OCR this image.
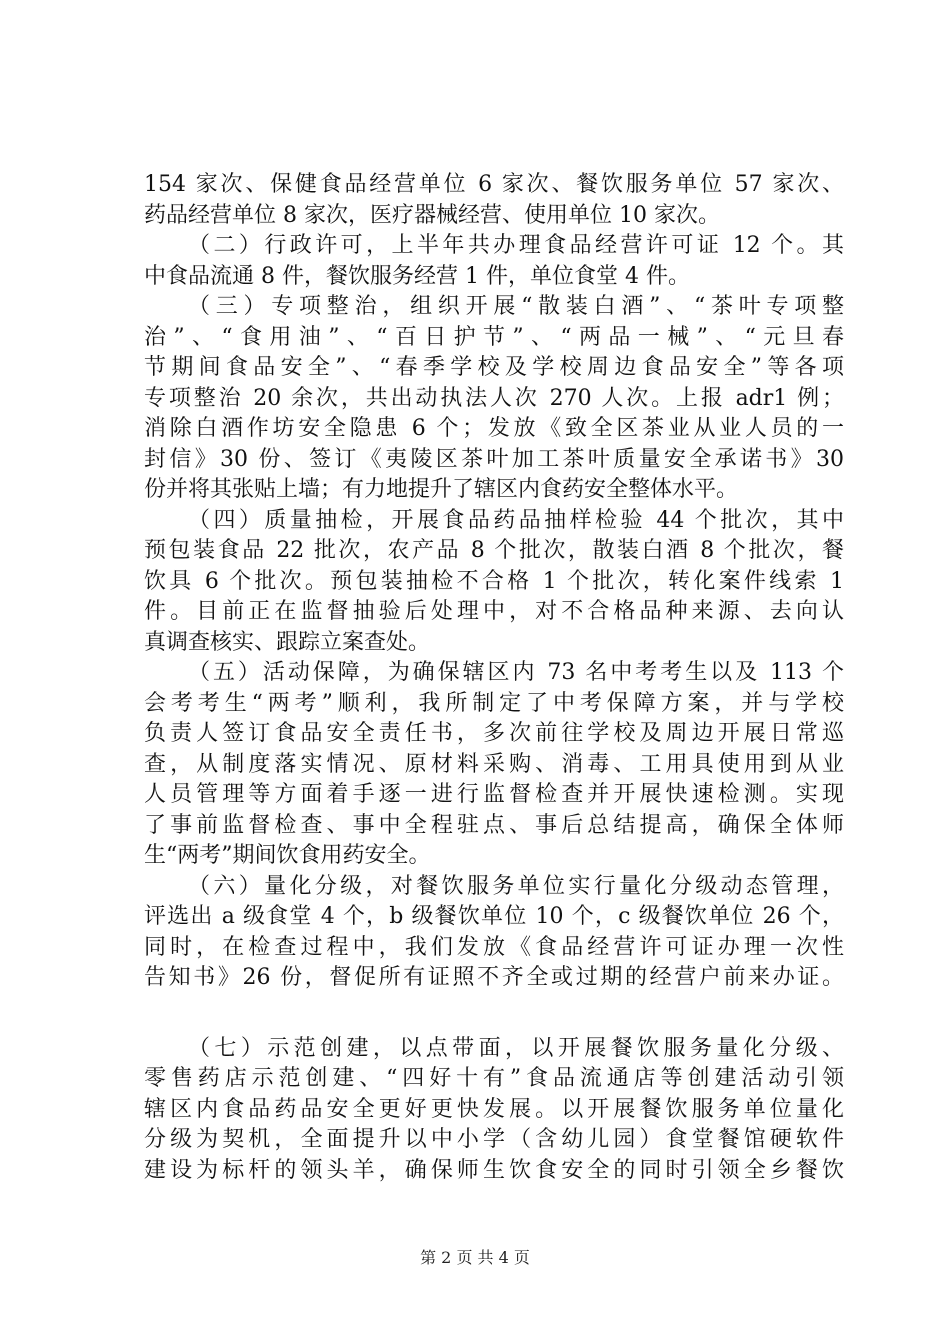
154 家次、保健食品经营单位 6 家次、餐饮服务单位 57 家次、
药品经营单位 8 家次，医疗器械经营、使用单位 10 家次。
（二）行政许可，上半年共办理食品经营许可证 12 个。其
中食品流通 8 件，餐饮服务经营 1 件，单位食堂 4 件。
（三）专项整治，组织开展“散装白酒”、“茶叶专项整
治”、“食用油”、“百日护节”、“两品一械”、“元旦春
节期间食品安全”、“春季学校及学校周边食品安全”等各项
专项整治 20 余次，共出动执法人次 270 人次。上报 adr1 例；
消除白酒作坊安全隐患 6 个；发放《致全区茶业从业人员的一
封信》30 份、签订《夷陵区茶叶加工茶叶质量安全承诺书》30
份并将其张贴上墙；有力地提升了辖区内食药安全整体水平。
（四）质量抽检，开展食品药品抽样检验 44 个批次，其中
预包装食品 22 批次，农产品 8 个批次，散装白酒 8 个批次，餐
饮具 6 个批次。预包装抽检不合格 1 个批次，转化案件线索 1
件。目前正在监督抽验后处理中，对不合格品种来源、去向认
真调查核实、跟踪立案查处。
（五）活动保障，为确保辖区内 73 名中考考生以及 113 个
会考考生“两考”顺利，我所制定了中考保障方案，并与学校
负责人签订食品安全责任书，多次前往学校及周边开展日常巡
查，从制度落实情况、原材料采购、消毒、工用具使用到从业
人员管理等方面着手逐一进行监督检查并开展快速检测。实现
了事前监督检查、事中全程驻点、事后总结提高，确保全体师
生“两考”期间饮食用药安全。
（六）量化分级，对餐饮服务单位实行量化分级动态管理，
评选出 a 级食堂 4 个，b 级餐饮单位 10 个，c 级餐饮单位 26 个，
同时，在检查过程中，我们发放《食品经营许可证办理一次性
告知书》26 份，督促所有证照不齐全或过期的经营户前来办证。
（七）示范创建，以点带面，以开展餐饮服务量化分级、
零售药店示范创建、“四好十有”食品流通店等创建活动引领
辖区内食品药品安全更好更快发展。以开展餐饮服务单位量化
分级为契机，全面提升以中小学（含幼儿园）食堂餐馆硬软件
建设为标杆的领头羊，确保师生饮食安全的同时引领全乡餐饮
第 2 页 共 4 页
